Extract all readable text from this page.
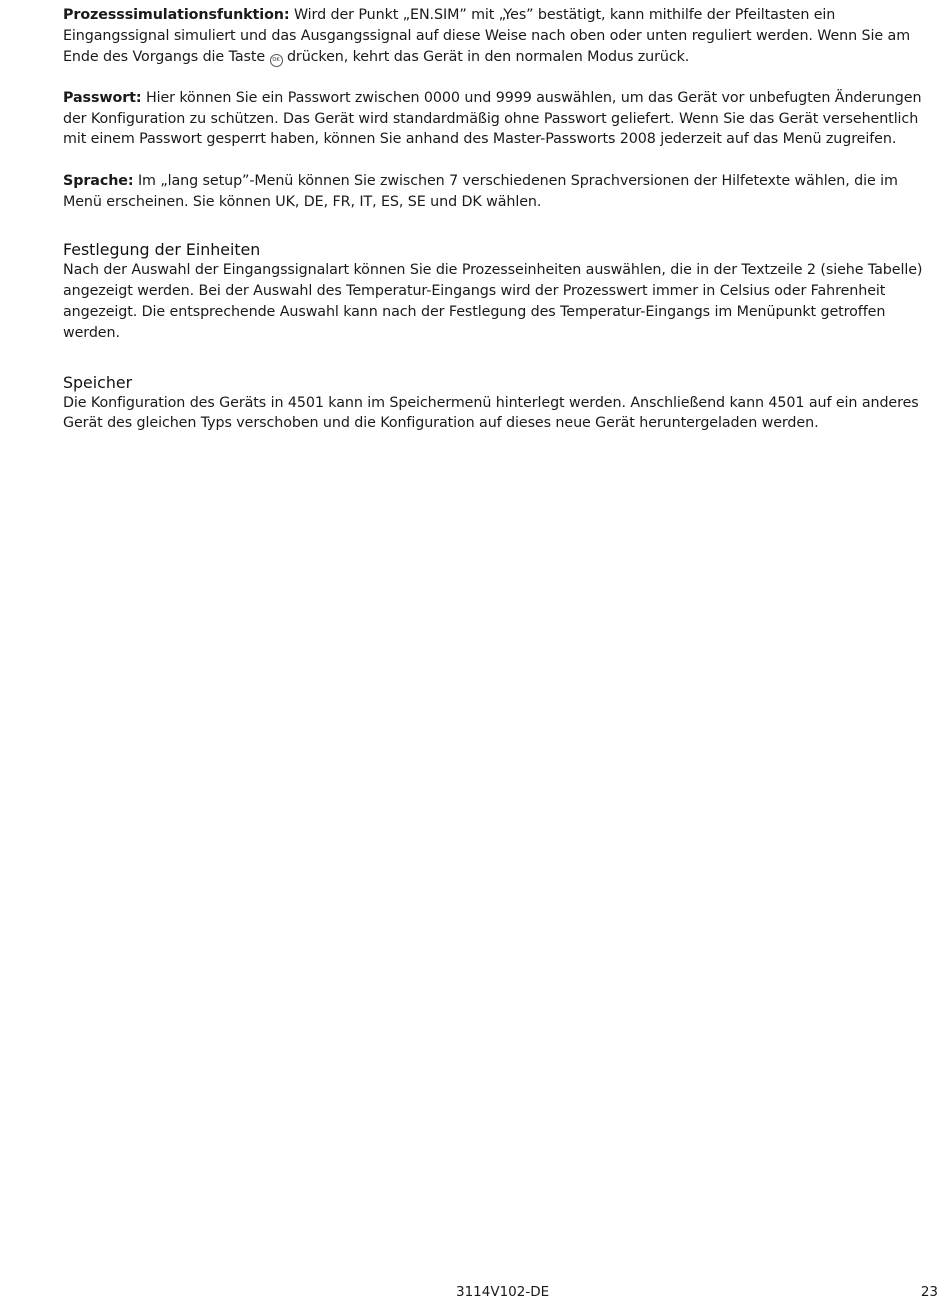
Prozesssimulationsfunktion: Wird der Punkt „EN.SIM” mit „Yes” bestätigt, kann mithilfe der Pfeiltasten ein Eingangssignal simuliert und das Ausgangssignal auf diese Weise nach oben oder unten reguliert werden. Wenn Sie am Ende des Vorgangs die Taste OK drücken, kehrt das Gerät in den normalen Modus zurück.

Passwort: Hier können Sie ein Passwort zwischen 0000 und 9999 auswählen, um das Gerät vor unbefugten Änderungen der Konfiguration zu schützen. Das Gerät wird standardmäßig ohne Passwort geliefert. Wenn Sie das Gerät versehentlich mit einem Passwort gesperrt haben, können Sie anhand des Master-Passworts 2008 jederzeit auf das Menü zugreifen.

Sprache: Im „lang setup”-Menü können Sie zwischen 7 verschiedenen Sprachversionen der Hilfetexte wählen, die im Menü erscheinen. Sie können UK, DE, FR, IT, ES, SE und DK wählen.

Festlegung der Einheiten

Nach der Auswahl der Eingangssignalart können Sie die Prozesseinheiten auswählen, die in der Textzeile 2 (siehe Tabelle) angezeigt werden. Bei der Auswahl des Temperatur-Eingangs wird der Prozesswert immer in Celsius oder Fahrenheit angezeigt. Die entsprechende Auswahl kann nach der Festlegung des Temperatur-Eingangs im Menüpunkt getroffen werden.

Speicher

Die Konfiguration des Geräts in 4501 kann im Speichermenü hinterlegt werden. Anschließend kann 4501 auf ein anderes Gerät des gleichen Typs verschoben und die Konfiguration auf dieses neue Gerät heruntergeladen werden.

3114V102-DE	23
